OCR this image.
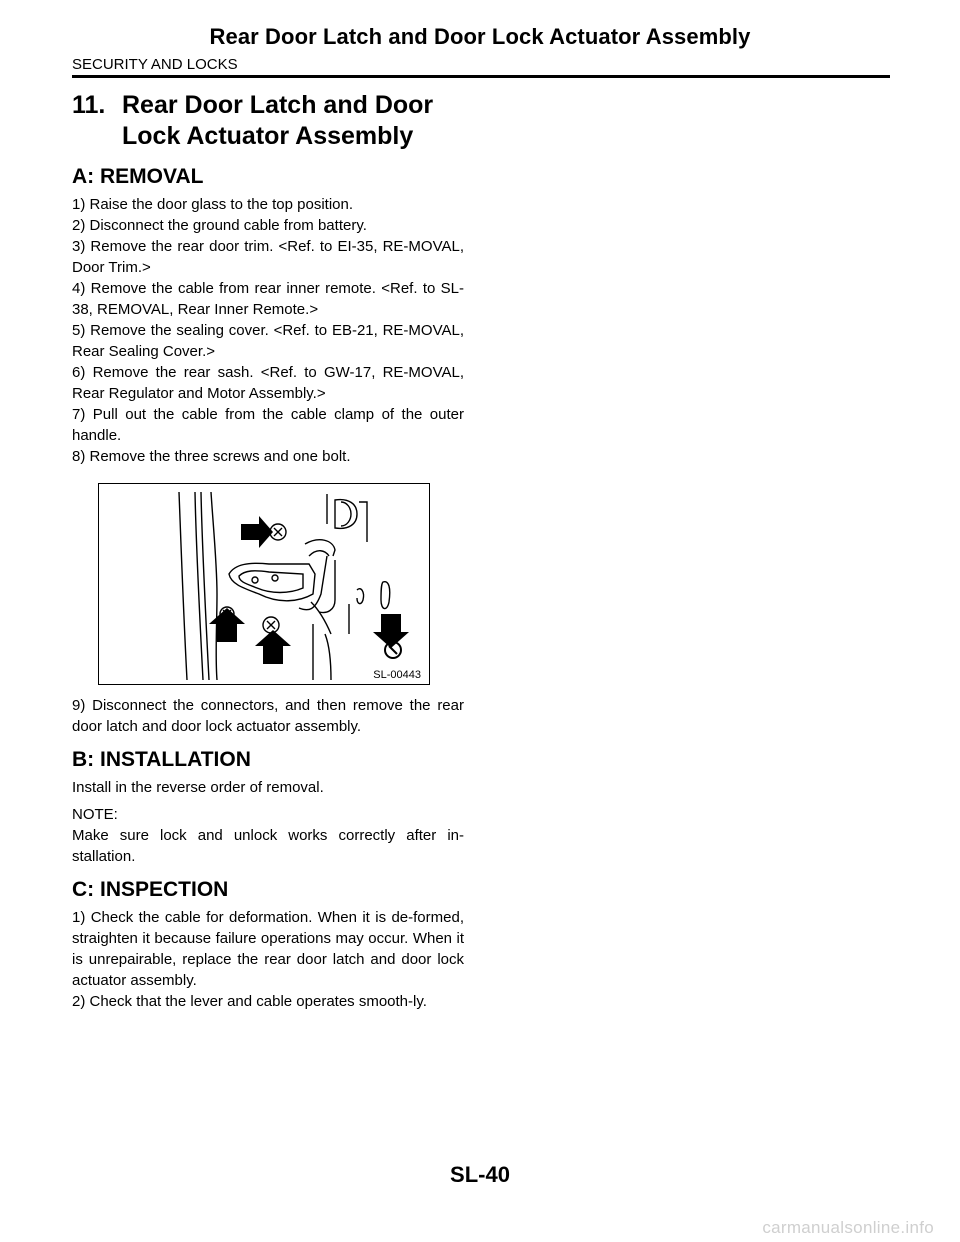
Rear Door Latch and Door Lock Actuator Assembly
SECURITY AND LOCKS
11. Rear Door Latch and Door
Lock Actuator Assembly
A: REMOVAL

1) Raise the door glass to the top position.

2) Disconnect the ground cable from battery.

3) Remove the rear door trim. <Ref. to EI-35, RE-MOVAL, Door Trim.>

4) Remove the cable from rear inner remote. <Ref. to SL-38, REMOVAL, Rear Inner Remote.>

5) Remove the sealing cover. <Ref. to EB-21, RE-MOVAL, Rear Sealing Cover.>

6) Remove the rear sash. <Ref. to GW-17, RE-MOVAL, Rear Regulator and Motor Assembly.>

7) Pull out the cable from the cable clamp of the outer handle.

8) Remove the three screws and one bolt.

SL-00443

9) Disconnect the connectors, and then remove the rear door latch and door lock actuator assembly.

B: INSTALLATION

Install in the reverse order of removal.

NOTE:

Make sure lock and unlock works correctly after in-stallation.

C: INSPECTION

1) Check the cable for deformation. When it is de-formed, straighten it because failure operations may occur. When it is unrepairable, replace the rear door latch and door lock actuator assembly.

2) Check that the lever and cable operates smooth-ly.

SL-40
carmanualsonline.info
